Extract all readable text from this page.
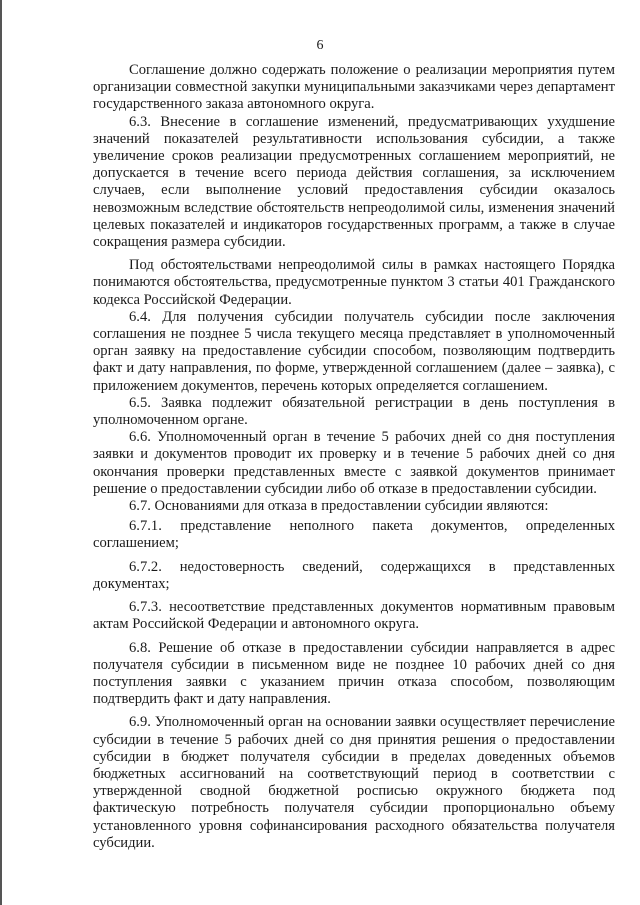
6

Соглашение должно содержать положение о реализации мероприятия путем организации совместной закупки муниципальными заказчиками через департамент государственного заказа автономного округа.

6.3. Внесение в соглашение изменений, предусматривающих ухудшение значений показателей результативности использования субсидии, а также увеличение сроков реализации предусмотренных соглашением мероприятий, не допускается в течение всего периода действия соглашения, за исключением случаев, если выполнение условий предоставления субсидии оказалось невозможным вследствие обстоятельств непреодолимой силы, изменения значений целевых показателей и индикаторов государственных программ, а также в случае сокращения размера субсидии.

Под обстоятельствами непреодолимой силы в рамках настоящего Порядка понимаются обстоятельства, предусмотренные пунктом 3 статьи 401 Гражданского кодекса Российской Федерации.

6.4. Для получения субсидии получатель субсидии после заключения соглашения не позднее 5 числа текущего месяца представляет в уполномоченный орган заявку на предоставление субсидии способом, позволяющим подтвердить факт и дату направления, по форме, утвержденной соглашением (далее – заявка), с приложением документов, перечень которых определяется соглашением.

6.5. Заявка подлежит обязательной регистрации в день поступления в уполномоченном органе.

6.6. Уполномоченный орган в течение 5 рабочих дней со дня поступления заявки и документов проводит их проверку и в течение 5 рабочих дней со дня окончания проверки представленных вместе с заявкой документов принимает решение о предоставлении субсидии либо об отказе в предоставлении субсидии.

6.7. Основаниями для отказа в предоставлении субсидии являются:

6.7.1. представление неполного пакета документов, определенных соглашением;

6.7.2. недостоверность сведений, содержащихся в представленных документах;

6.7.3. несоответствие представленных документов нормативным правовым актам Российской Федерации и автономного округа.

6.8. Решение об отказе в предоставлении субсидии направляется в адрес получателя субсидии в письменном виде не позднее 10 рабочих дней со дня поступления заявки с указанием причин отказа способом, позволяющим подтвердить факт и дату направления.

6.9. Уполномоченный орган на основании заявки осуществляет перечисление субсидии в течение 5 рабочих дней со дня принятия решения о предоставлении субсидии в бюджет получателя субсидии в пределах доведенных объемов бюджетных ассигнований на соответствующий период в соответствии с утвержденной сводной бюджетной росписью окружного бюджета под фактическую потребность получателя субсидии пропорционально объему установленного уровня софинансирования расходного обязательства получателя субсидии.
